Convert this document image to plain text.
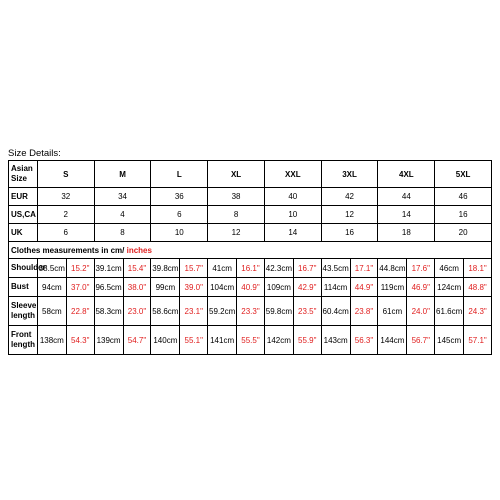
Size Details:
Asian Size	S		M		L		XL		XXL		3XL		4XL		5XL	
EUR	32		34		36		38		40		42		44		46	
US,CA	2		4		6		8		10		12		14		16	
UK	6		8		10		12		14		16		18		20	
Clothes measurements in cm/ inches																
Shoulder	38.5cm	15.2"	39.1cm	15.4"	39.8cm	15.7"	41cm	16.1"	42.3cm	16.7"	43.5cm	17.1"	44.8cm	17.6"	46cm	18.1"
Bust	94cm	37.0"	96.5cm	38.0"	99cm	39.0"	104cm	40.9"	109cm	42.9"	114cm	44.9"	119cm	46.9"	124cm	48.8"
Sleeve length	58cm	22.8"	58.3cm	23.0"	58.6cm	23.1"	59.2cm	23.3"	59.8cm	23.5"	60.4cm	23.8"	61cm	24.0"	61.6cm	24.3"
Front length	138cm	54.3"	139cm	54.7"	140cm	55.1"	141cm	55.5"	142cm	55.9"	143cm	56.3"	144cm	56.7"	145cm	57.1"
